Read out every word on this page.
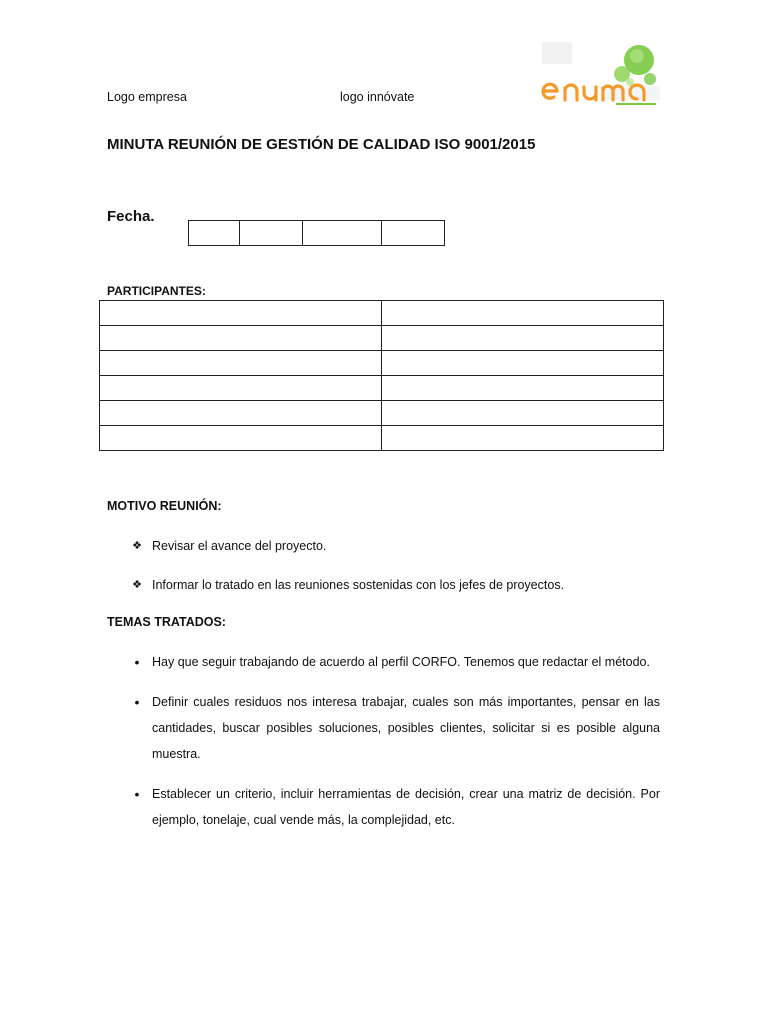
Logo empresa	logo innóvate
MINUTA REUNIÓN DE GESTIÓN DE CALIDAD ISO 9001/2015
Fecha.

PARTICIPANTES:

MOTIVO REUNIÓN:
❖ Revisar el avance del proyecto.
❖ Informar lo tratado en las reuniones sostenidas con los jefes de proyectos.
TEMAS TRATADOS:
•	Hay que seguir trabajando de acuerdo al perfil CORFO. Tenemos que redactar el método.
•	Definir cuales residuos nos interesa trabajar, cuales son más importantes, pensar en las cantidades, buscar posibles soluciones, posibles clientes, solicitar si es posible alguna muestra.
•	Establecer un criterio, incluir herramientas de decisión, crear una matriz de decisión. Por ejemplo, tonelaje, cual vende más, la complejidad, etc.
